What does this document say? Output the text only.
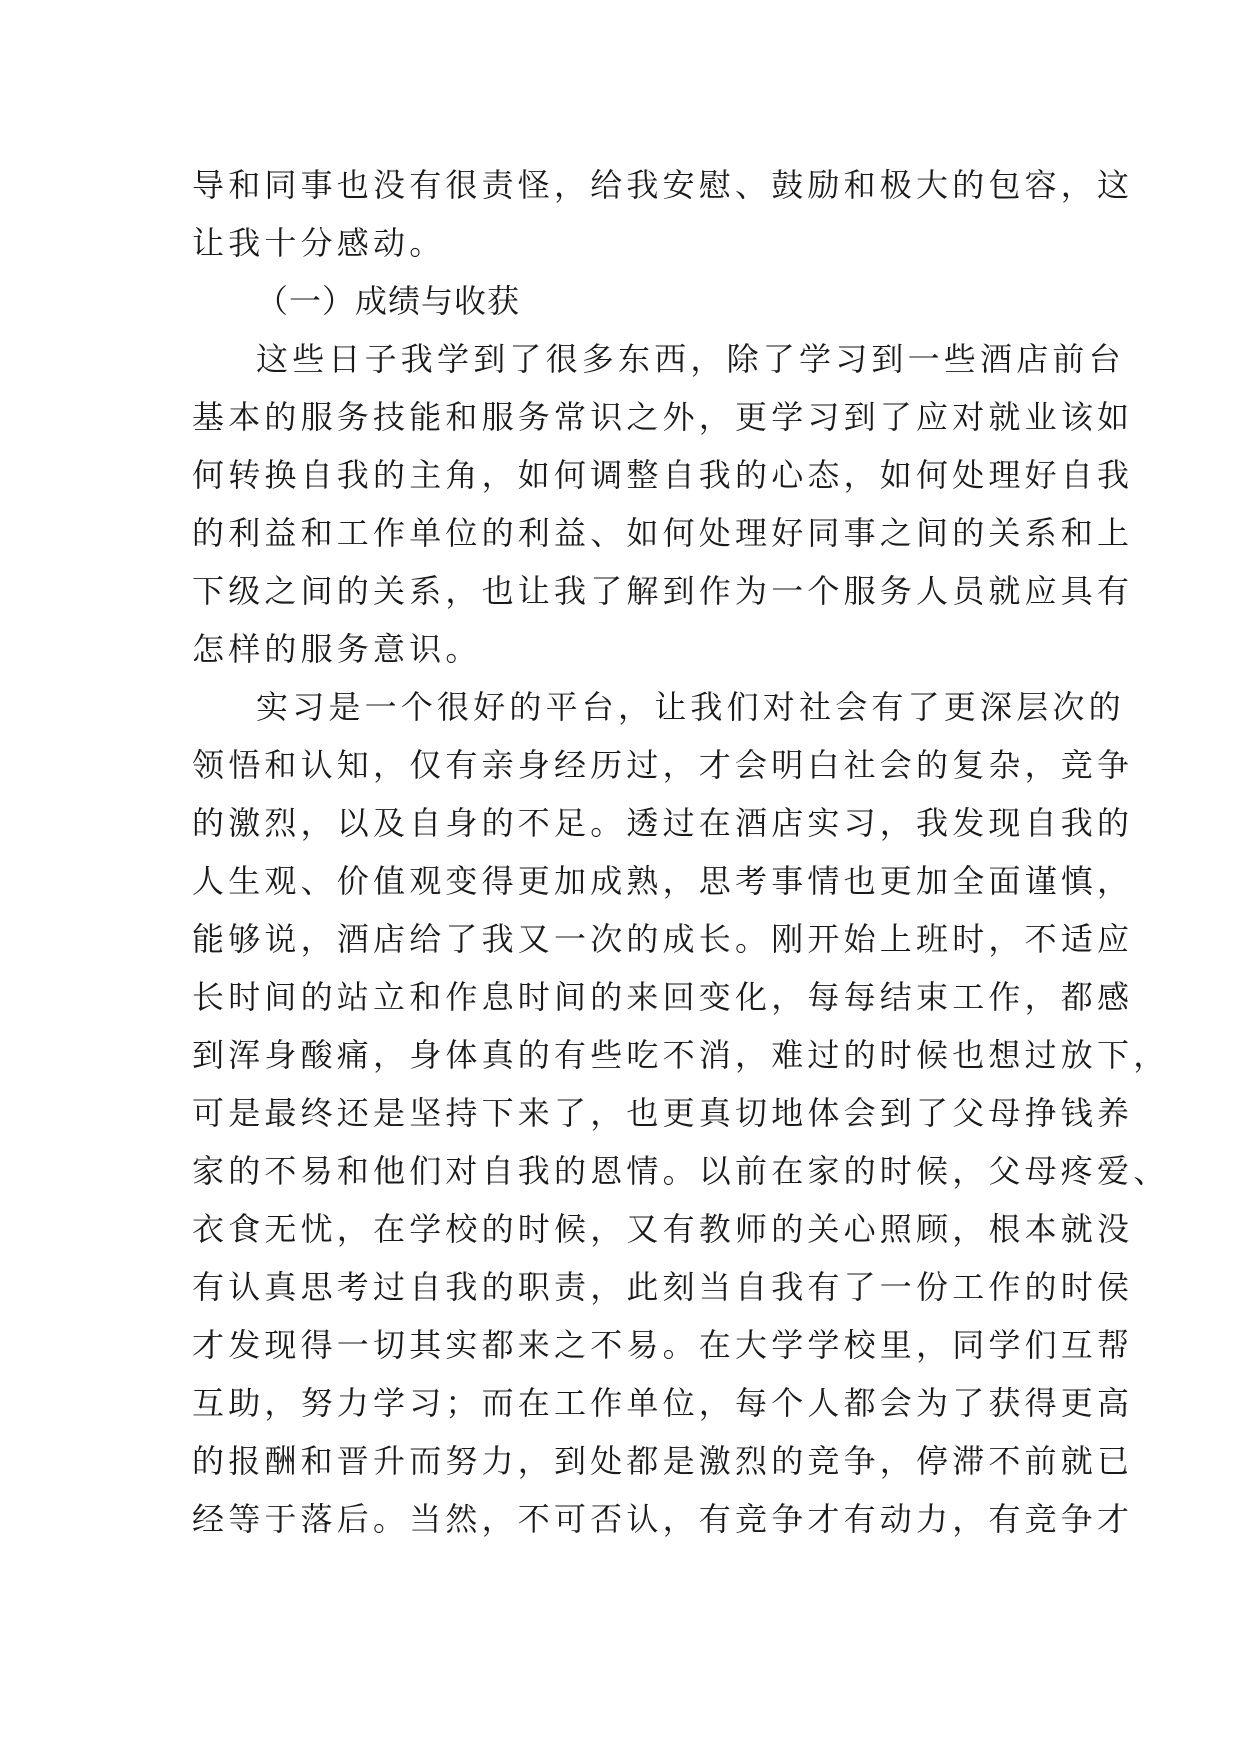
导和同事也没有很责怪，给我安慰、鼓励和极大的包容，这
让我十分感动。
（一）成绩与收获
这些日子我学到了很多东西，除了学习到一些酒店前台
基本的服务技能和服务常识之外，更学习到了应对就业该如
何转换自我的主角，如何调整自我的心态，如何处理好自我
的利益和工作单位的利益、如何处理好同事之间的关系和上
下级之间的关系，也让我了解到作为一个服务人员就应具有
怎样的服务意识。
实习是一个很好的平台，让我们对社会有了更深层次的
领悟和认知，仅有亲身经历过，才会明白社会的复杂，竞争
的激烈，以及自身的不足。透过在酒店实习，我发现自我的
人生观、价值观变得更加成熟，思考事情也更加全面谨慎，
能够说，酒店给了我又一次的成长。刚开始上班时，不适应
长时间的站立和作息时间的来回变化，每每结束工作，都感
到浑身酸痛，身体真的有些吃不消，难过的时候也想过放下，
可是最终还是坚持下来了，也更真切地体会到了父母挣钱养
家的不易和他们对自我的恩情。以前在家的时候，父母疼爱、
衣食无忧，在学校的时候，又有教师的关心照顾，根本就没
有认真思考过自我的职责，此刻当自我有了一份工作的时侯
才发现得一切其实都来之不易。在大学学校里，同学们互帮
互助，努力学习；而在工作单位，每个人都会为了获得更高
的报酬和晋升而努力，到处都是激烈的竞争，停滞不前就已
经等于落后。当然，不可否认，有竞争才有动力，有竞争才
